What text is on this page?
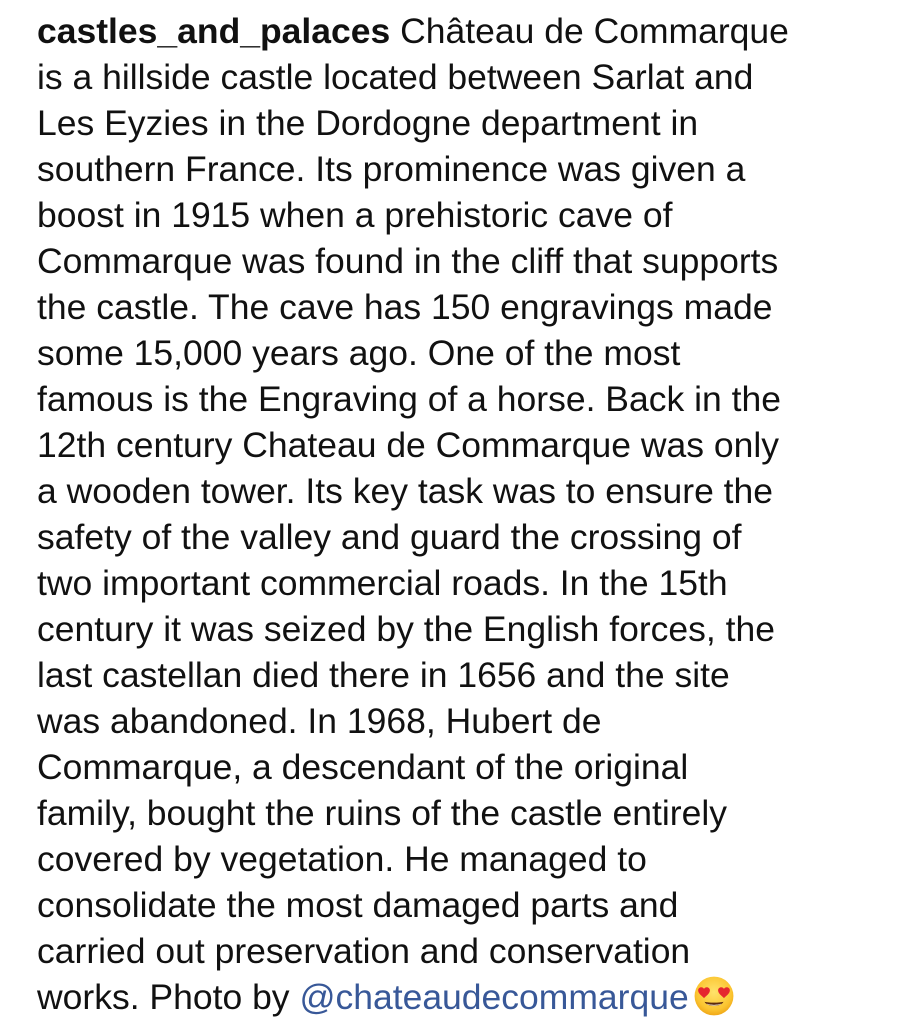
castles_and_palaces Château de Commarque
is a hillside castle located between Sarlat and
Les Eyzies in the Dordogne department in
southern France. Its prominence was given a
boost in 1915 when a prehistoric cave of
Commarque was found in the cliff that supports
the castle. The cave has 150 engravings made
some 15,000 years ago. One of the most
famous is the Engraving of a horse. Back in the
12th century Chateau de Commarque was only
a wooden tower. Its key task was to ensure the
safety of the valley and guard the crossing of
two important commercial roads. In the 15th
century it was seized by the English forces, the
last castellan died there in 1656 and the site
was abandoned. In 1968, Hubert de
Commarque, a descendant of the original
family, bought the ruins of the castle entirely
covered by vegetation. He managed to
consolidate the most damaged parts and
carried out preservation and conservation
works. Photo by @chateaudecommarque
